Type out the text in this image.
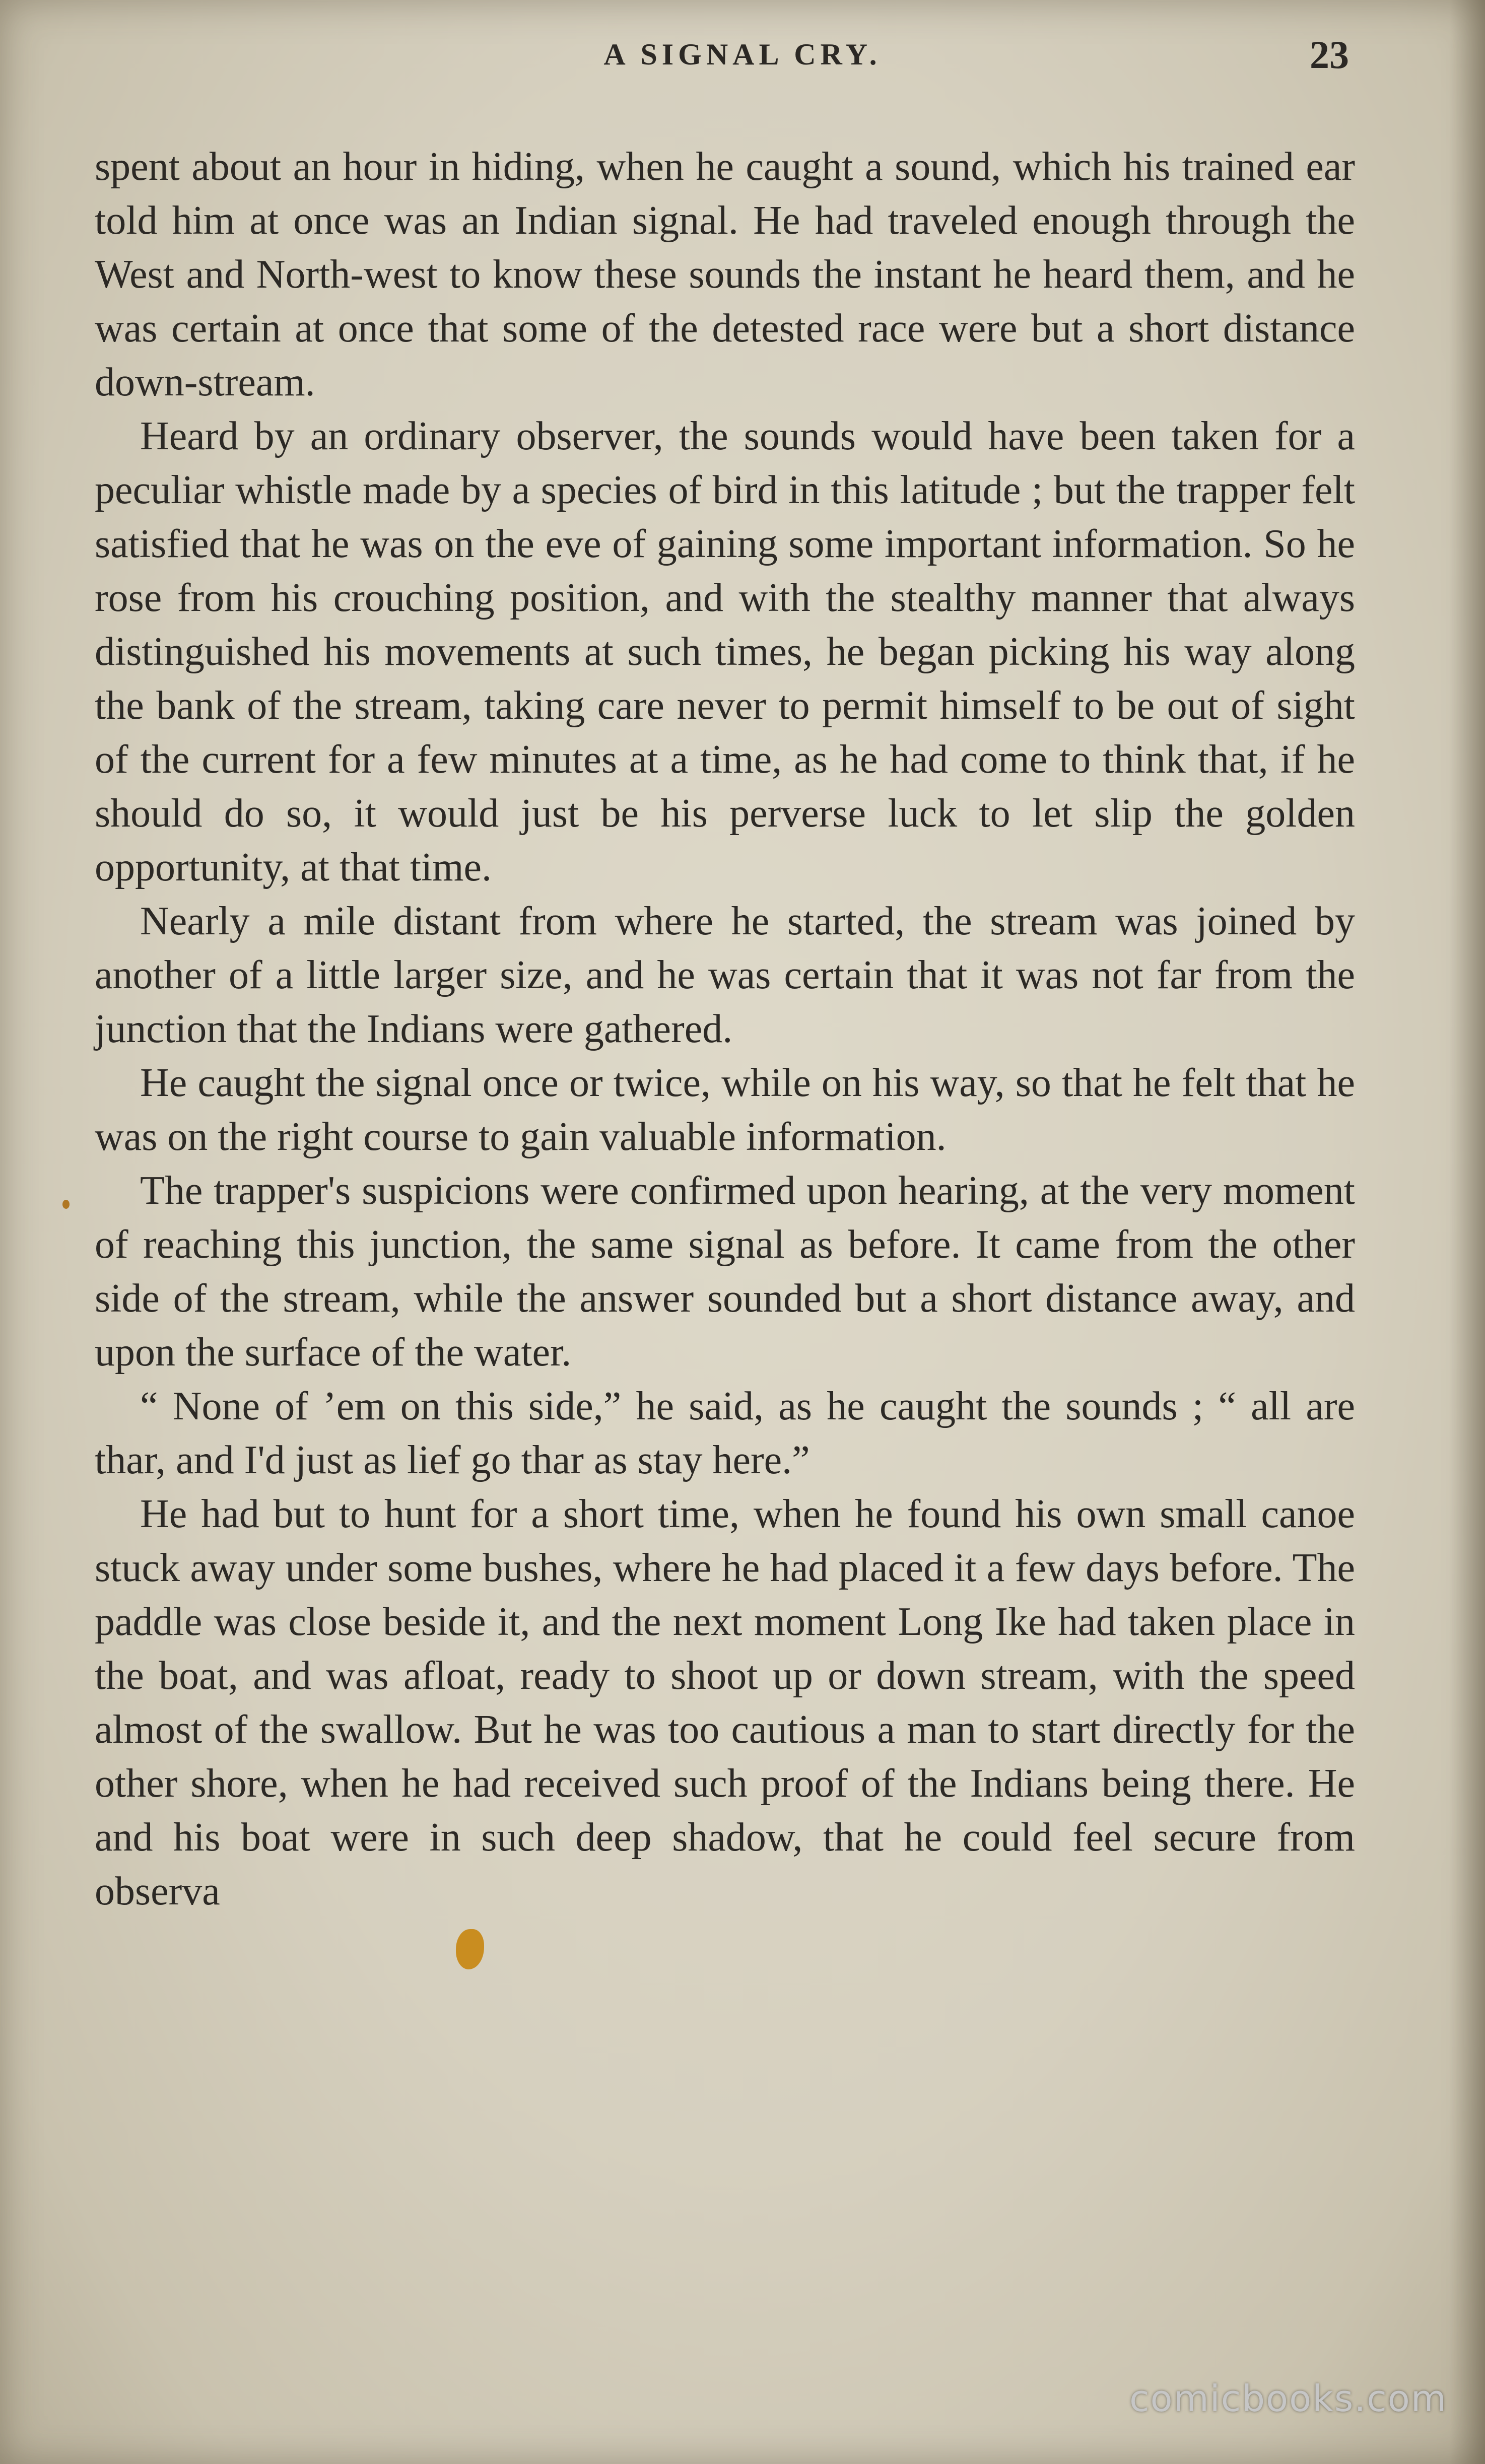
A SIGNAL CRY.	23

spent about an hour in hiding, when he caught a sound, which his trained ear told him at once was an Indian signal. He had traveled enough through the West and North-west to know these sounds the instant he heard them, and he was certain at once that some of the detested race were but a short distance down-stream.

Heard by an ordinary observer, the sounds would have been taken for a peculiar whistle made by a species of bird in this latitude ; but the trapper felt satisfied that he was on the eve of gaining some important information. So he rose from his crouching position, and with the stealthy manner that always distinguished his movements at such times, he began picking his way along the bank of the stream, taking care never to permit himself to be out of sight of the current for a few minutes at a time, as he had come to think that, if he should do so, it would just be his perverse luck to let slip the golden opportunity, at that time.

Nearly a mile distant from where he started, the stream was joined by another of a little larger size, and he was certain that it was not far from the junction that the Indians were gathered.

He caught the signal once or twice, while on his way, so that he felt that he was on the right course to gain valuable information.

The trapper's suspicions were confirmed upon hearing, at the very moment of reaching this junction, the same signal as before. It came from the other side of the stream, while the answer sounded but a short distance away, and upon the surface of the water.

“ None of ’em on this side,” he said, as he caught the sounds ; “ all are thar, and I'd just as lief go thar as stay here.”

He had but to hunt for a short time, when he found his own small canoe stuck away under some bushes, where he had placed it a few days before. The paddle was close beside it, and the next moment Long Ike had taken place in the boat, and was afloat, ready to shoot up or down stream, with the speed almost of the swallow. But he was too cautious a man to start directly for the other shore, when he had received such proof of the Indians being there. He and his boat were in such deep shadow, that he could feel secure from observa

comicbooks.com
